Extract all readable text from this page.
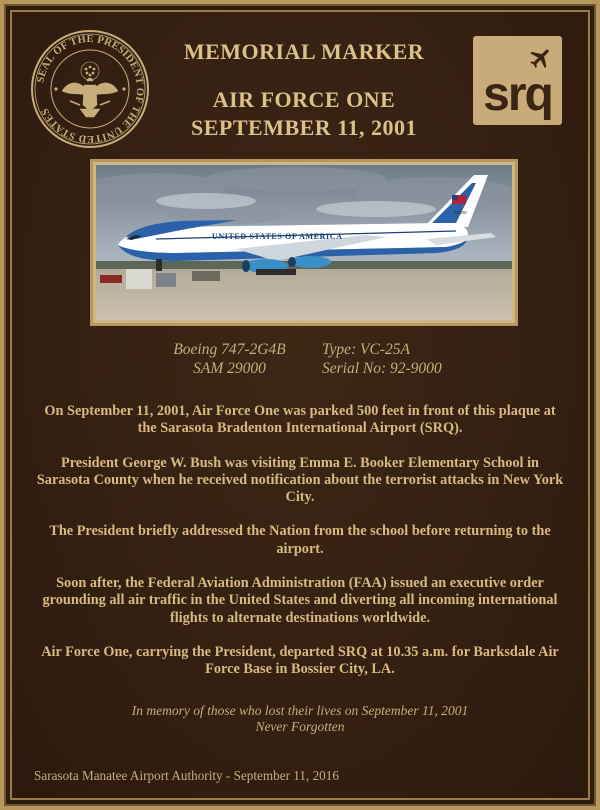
SEAL OF THE PRESIDENT OF THE UNITED STATES
MEMORIAL MARKER
AIR FORCE ONE
SEPTEMBER 11, 2001
srq
29000
UNITED STATES OF AMERICA
Boeing 747-2G4B
SAM 29000
Type: VC-25A
Serial No: 92-9000

On September 11, 2001, Air Force One was parked 500 feet in front of this plaque at the Sarasota Bradenton International Airport (SRQ).

President George W. Bush was visiting Emma E. Booker Elementary School in Sarasota County when he received notification about the terrorist attacks in New York City.

The President briefly addressed the Nation from the school before returning to the airport.

Soon after, the Federal Aviation Administration (FAA) issued an executive order grounding all air traffic in the United States and diverting all incoming international flights to alternate destinations worldwide.

Air Force One, carrying the President, departed SRQ at 10.35 a.m. for Barksdale Air Force Base in Bossier City, LA.

In memory of those who lost their lives on September 11, 2001
Never Forgotten
Sarasota Manatee Airport Authority - September 11, 2016
